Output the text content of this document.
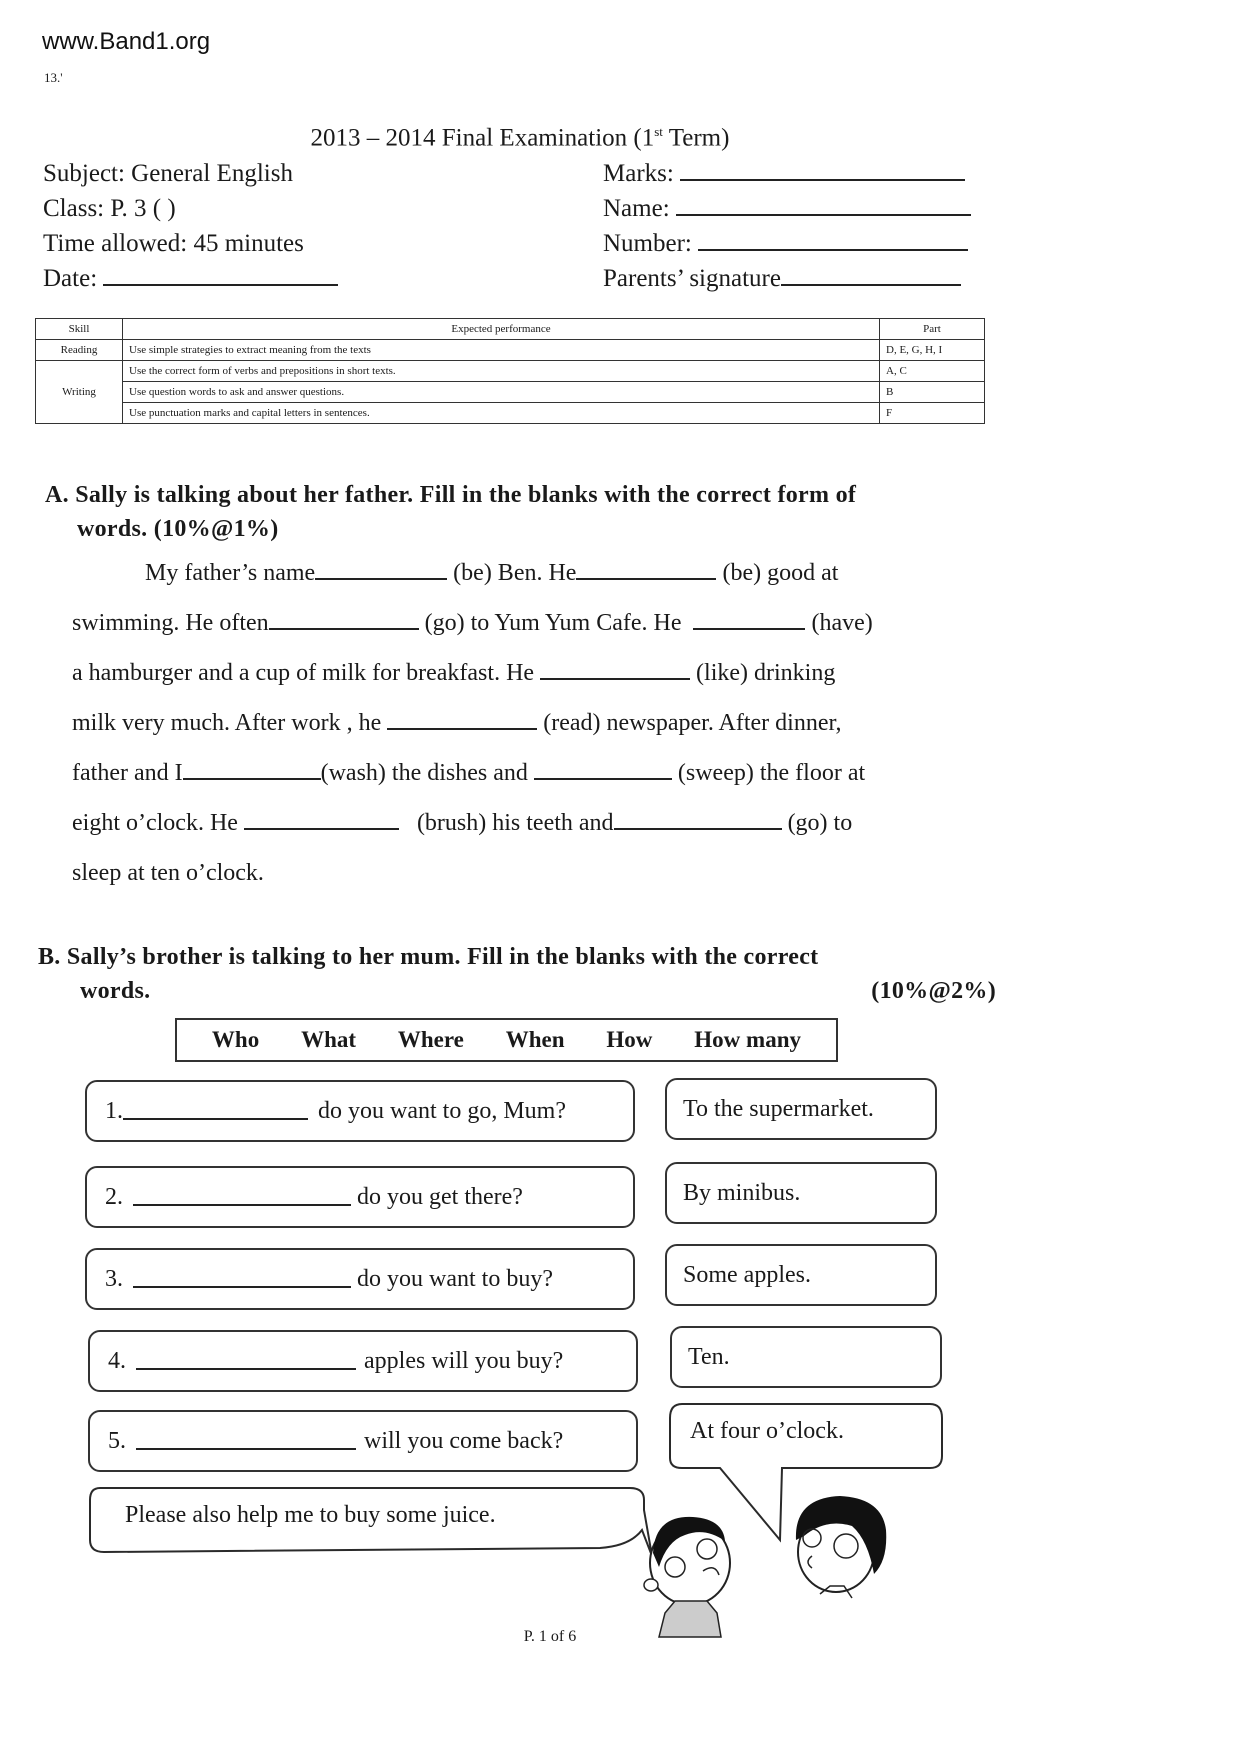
www.Band1.org
13.'
2013 – 2014 Final Examination (1st Term)
Subject: General English
Class: P. 3 ( )
Time allowed: 45 minutes
Date:
Marks:
Name:
Number:
Parents’ signature
Skill	Expected performance	Part
Reading	Use simple strategies to extract meaning from the texts	D, E, G, H, I
Writing	Use the correct form of verbs and prepositions in short texts.	A, C
	Use question words to ask and answer questions.	B
	Use punctuation marks and capital letters in sentences.	F
A. Sally is talking about her father. Fill in the blanks with the correct form of
words. (10%@1%)
My father’s name	(be) Ben. He	(be) good at
swimming. He often	(go) to Yum Yum Cafe. He	(have)
a hamburger and a cup of milk for breakfast. He	(like) drinking
milk very much. After work , he	(read) newspaper. After dinner,
father and I	(wash) the dishes and	(sweep) the floor at
eight o’clock. He	(brush) his teeth and	(go) to
sleep at ten o’clock.
B. Sally’s brother is talking to her mum. Fill in the blanks with the correct
words.	(10%@2%)
Who What Where When How How many
1.	do you want to go, Mum?
2.
	do you get there?
3.
	do you want to buy?
4.
	apples will you buy?
5.
	will you come back?
To the supermarket.
By minibus.
Some apples.
Ten.
At four o’clock.
Please also help me to buy some juice.
P. 1 of 6
